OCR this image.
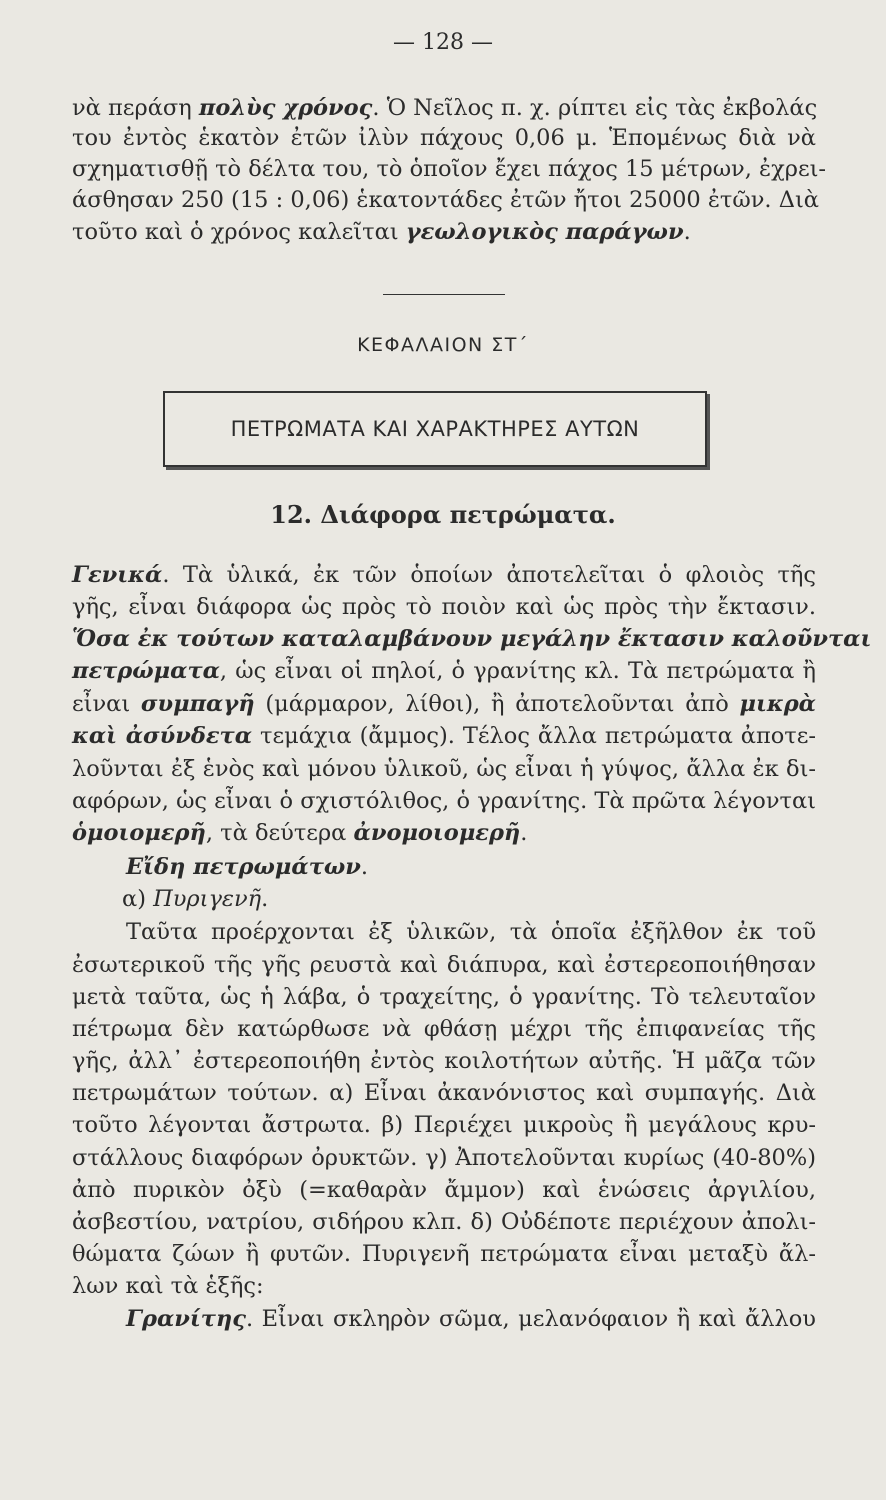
— 128 —
νὰ περάση πολὺς χρόνος. Ὁ Νεῖλος π. χ. ρίπτει εἰς τὰς ἐκβολάς
του ἐντὸς ἑκατὸν ἐτῶν ἰλὺν πάχους 0,06 μ. Ἑπομένως διὰ νὰ
σχηματισθῇ τὸ δέλτα του, τὸ ὁποῖον ἔχει πάχος 15 μέτρων, ἐχρει-
άσθησαν 250 (15 : 0,06) ἑκατοντάδες ἐτῶν ἤτοι 25000 ἐτῶν. Διὰ
τοῦτο καὶ ὁ χρόνος καλεῖται γεωλογικὸς παράγων.
ΚΕΦΑΛΑΙΟΝ ΣΤ΄
ΠΕΤΡΩΜΑΤΑ ΚΑΙ ΧΑΡΑΚΤΗΡΕΣ ΑΥΤΩΝ
12. Διάφορα πετρώματα.
Γενικά. Τὰ ὑλικά, ἐκ τῶν ὁποίων ἀποτελεῖται ὁ φλοιὸς τῆς
γῆς, εἶναι διάφορα ὡς πρὸς τὸ ποιὸν καὶ ὡς πρὸς τὴν ἔκτασιν.
Ὅσα ἐκ τούτων καταλαμβάνουν μεγάλην ἔκτασιν καλοῦνται
πετρώματα, ὡς εἶναι οἱ πηλοί, ὁ γρανίτης κλ. Τὰ πετρώματα ἢ
εἶναι συμπαγῆ (μάρμαρον, λίθοι), ἢ ἀποτελοῦνται ἀπὸ μικρὰ
καὶ ἀσύνδετα τεμάχια (ἄμμος). Τέλος ἄλλα πετρώματα ἀποτε-
λοῦνται ἐξ ἑνὸς καὶ μόνου ὑλικοῦ, ὡς εἶναι ἡ γύψος, ἄλλα ἐκ δι-
αφόρων, ὡς εἶναι ὁ σχιστόλιθος, ὁ γρανίτης. Τὰ πρῶτα λέγονται
ὁμοιομερῆ, τὰ δεύτερα ἀνομοιομερῆ.
Εἴδη πετρωμάτων.
α) Πυριγενῆ.
Ταῦτα προέρχονται ἐξ ὑλικῶν, τὰ ὁποῖα ἐξῆλθον ἐκ τοῦ
ἐσωτερικοῦ τῆς γῆς ρευστὰ καὶ διάπυρα, καὶ ἐστερεοποιήθησαν
μετὰ ταῦτα, ὡς ἡ λάβα, ὁ τραχείτης, ὁ γρανίτης. Τὸ τελευταῖον
πέτρωμα δὲν κατώρθωσε νὰ φθάσῃ μέχρι τῆς ἐπιφανείας τῆς
γῆς, ἀλλ᾽ ἐστερεοποιήθη ἐντὸς κοιλοτήτων αὐτῆς. Ἡ μᾶζα τῶν
πετρωμάτων τούτων. α) Εἶναι ἀκανόνιστος καὶ συμπαγής. Διὰ
τοῦτο λέγονται ἄστρωτα. β) Περιέχει μικροὺς ἢ μεγάλους κρυ-
στάλλους διαφόρων ὀρυκτῶν. γ) Ἀποτελοῦνται κυρίως (40-80%)
ἀπὸ πυρικὸν ὀξὺ (=καθαρὰν ἄμμον) καὶ ἑνώσεις ἀργιλίου,
ἀσβεστίου, νατρίου, σιδήρου κλπ. δ) Οὐδέποτε περιέχουν ἀπολι-
θώματα ζώων ἢ φυτῶν. Πυριγενῆ πετρώματα εἶναι μεταξὺ ἄλ-
λων καὶ τὰ ἑξῆς:
Γρανίτης. Εἶναι σκληρὸν σῶμα, μελανόφαιον ἢ καὶ ἄλλου
